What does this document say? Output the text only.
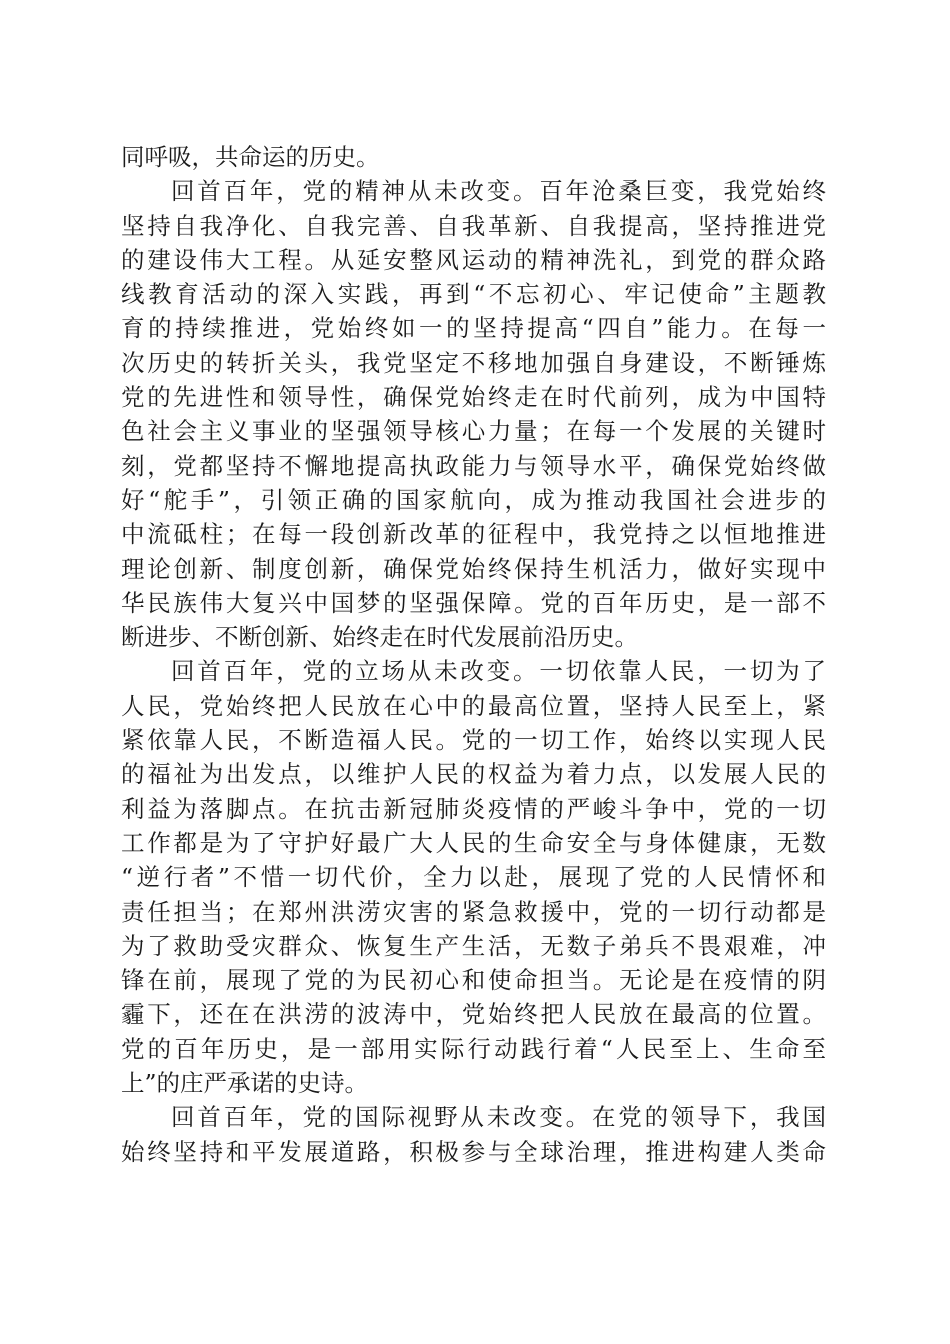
同呼吸，共命运的历史。
回首百年，党的精神从未改变。百年沧桑巨变，我党始终
坚持自我净化、自我完善、自我革新、自我提高，坚持推进党
的建设伟大工程。从延安整风运动的精神洗礼，到党的群众路
线教育活动的深入实践，再到“不忘初心、牢记使命”主题教
育的持续推进，党始终如一的坚持提高“四自”能力。在每一
次历史的转折关头，我党坚定不移地加强自身建设，不断锤炼
党的先进性和领导性，确保党始终走在时代前列，成为中国特
色社会主义事业的坚强领导核心力量；在每一个发展的关键时
刻，党都坚持不懈地提高执政能力与领导水平，确保党始终做
好“舵手”，引领正确的国家航向，成为推动我国社会进步的
中流砥柱；在每一段创新改革的征程中，我党持之以恒地推进
理论创新、制度创新，确保党始终保持生机活力，做好实现中
华民族伟大复兴中国梦的坚强保障。党的百年历史，是一部不
断进步、不断创新、始终走在时代发展前沿历史。
回首百年，党的立场从未改变。一切依靠人民，一切为了
人民，党始终把人民放在心中的最高位置，坚持人民至上，紧
紧依靠人民，不断造福人民。党的一切工作，始终以实现人民
的福祉为出发点，以维护人民的权益为着力点，以发展人民的
利益为落脚点。在抗击新冠肺炎疫情的严峻斗争中，党的一切
工作都是为了守护好最广大人民的生命安全与身体健康，无数
“逆行者”不惜一切代价，全力以赴，展现了党的人民情怀和
责任担当；在郑州洪涝灾害的紧急救援中，党的一切行动都是
为了救助受灾群众、恢复生产生活，无数子弟兵不畏艰难，冲
锋在前，展现了党的为民初心和使命担当。无论是在疫情的阴
霾下，还在在洪涝的波涛中，党始终把人民放在最高的位置。
党的百年历史，是一部用实际行动践行着“人民至上、生命至
上”的庄严承诺的史诗。
回首百年，党的国际视野从未改变。在党的领导下，我国
始终坚持和平发展道路，积极参与全球治理，推进构建人类命
